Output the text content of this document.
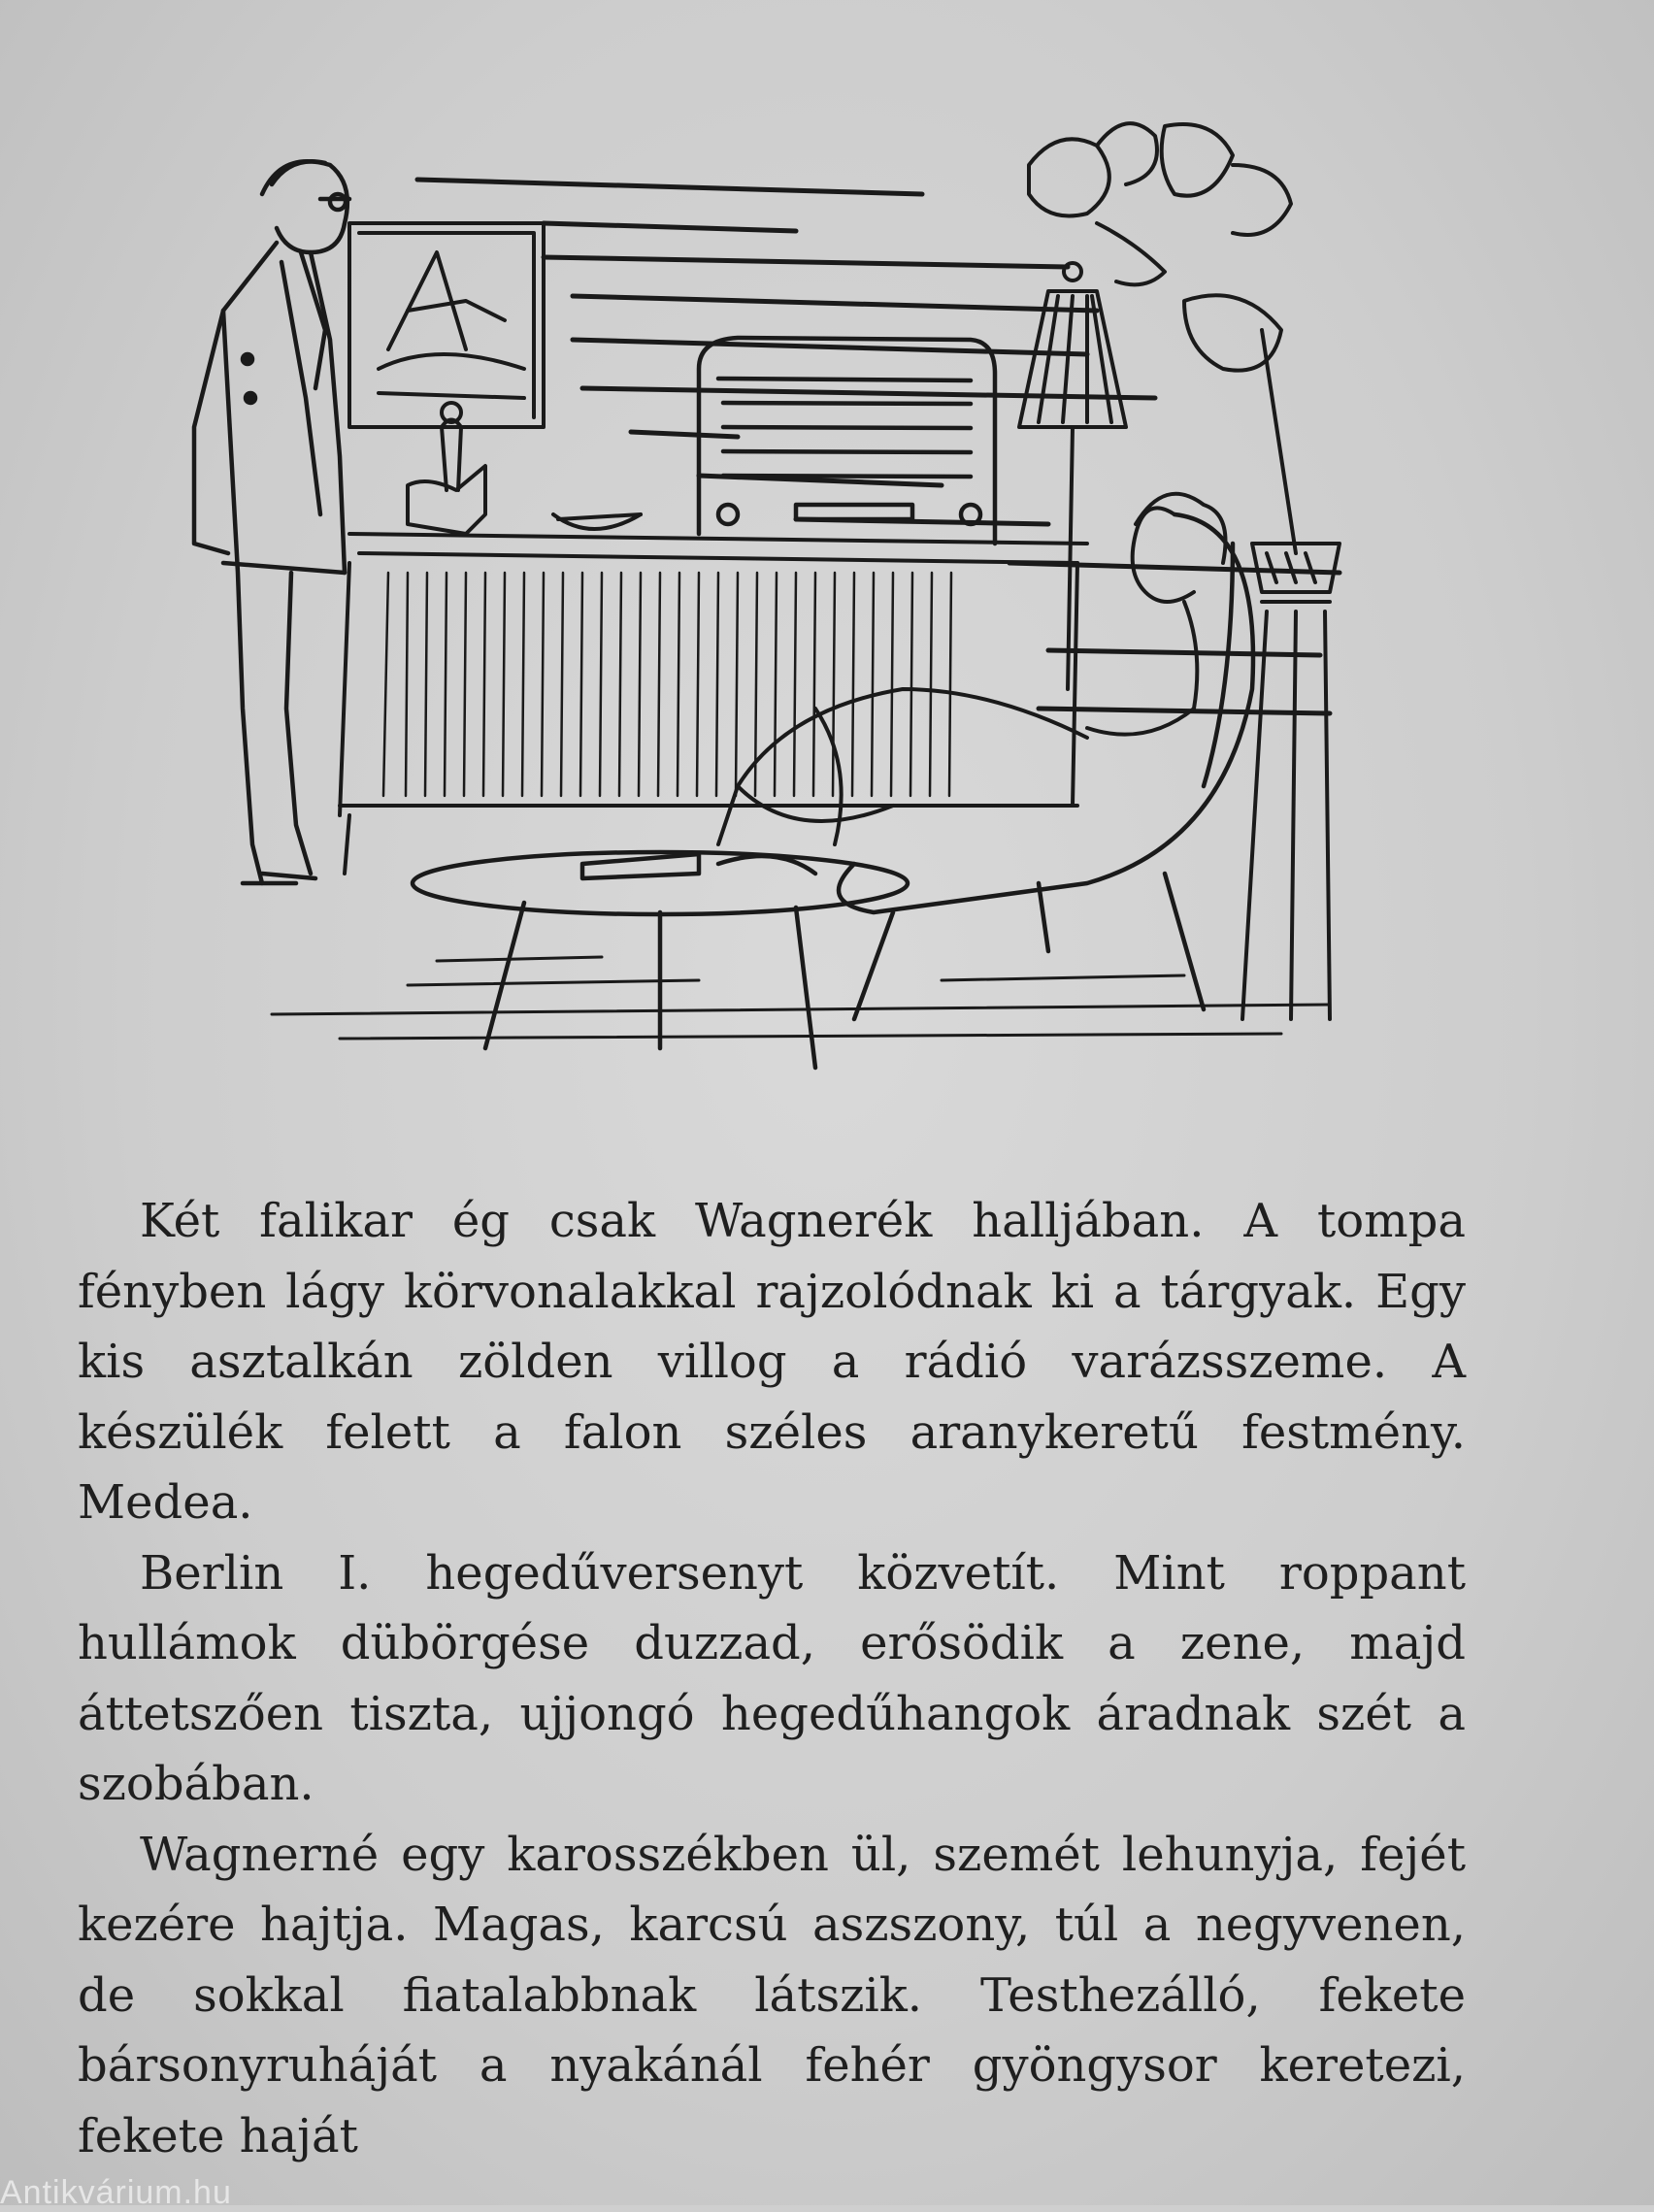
Két falikar ég csak Wagnerék halljában. A tompa fényben lágy körvonalakkal rajzolódnak ki a tárgyak. Egy kis asztalkán zölden villog a rádió varázsszeme. A készülék felett a falon széles aranykeretű festmény. Medea.

Berlin I. hegedűversenyt közvetít. Mint roppant hullámok dübörgése duzzad, erősödik a zene, majd áttetszően tiszta, ujjongó hegedűhangok áradnak szét a szobában.

Wagnerné egy karosszékben ül, szemét lehunyja, fejét kezére hajtja. Magas, karcsú aszszony, túl a negyvenen, de sokkal fiatalabbnak látszik. Testhezálló, fekete bársonyruháját a nyakánál fehér gyöngysor keretezi, fekete haját

Antikvárium.hu
